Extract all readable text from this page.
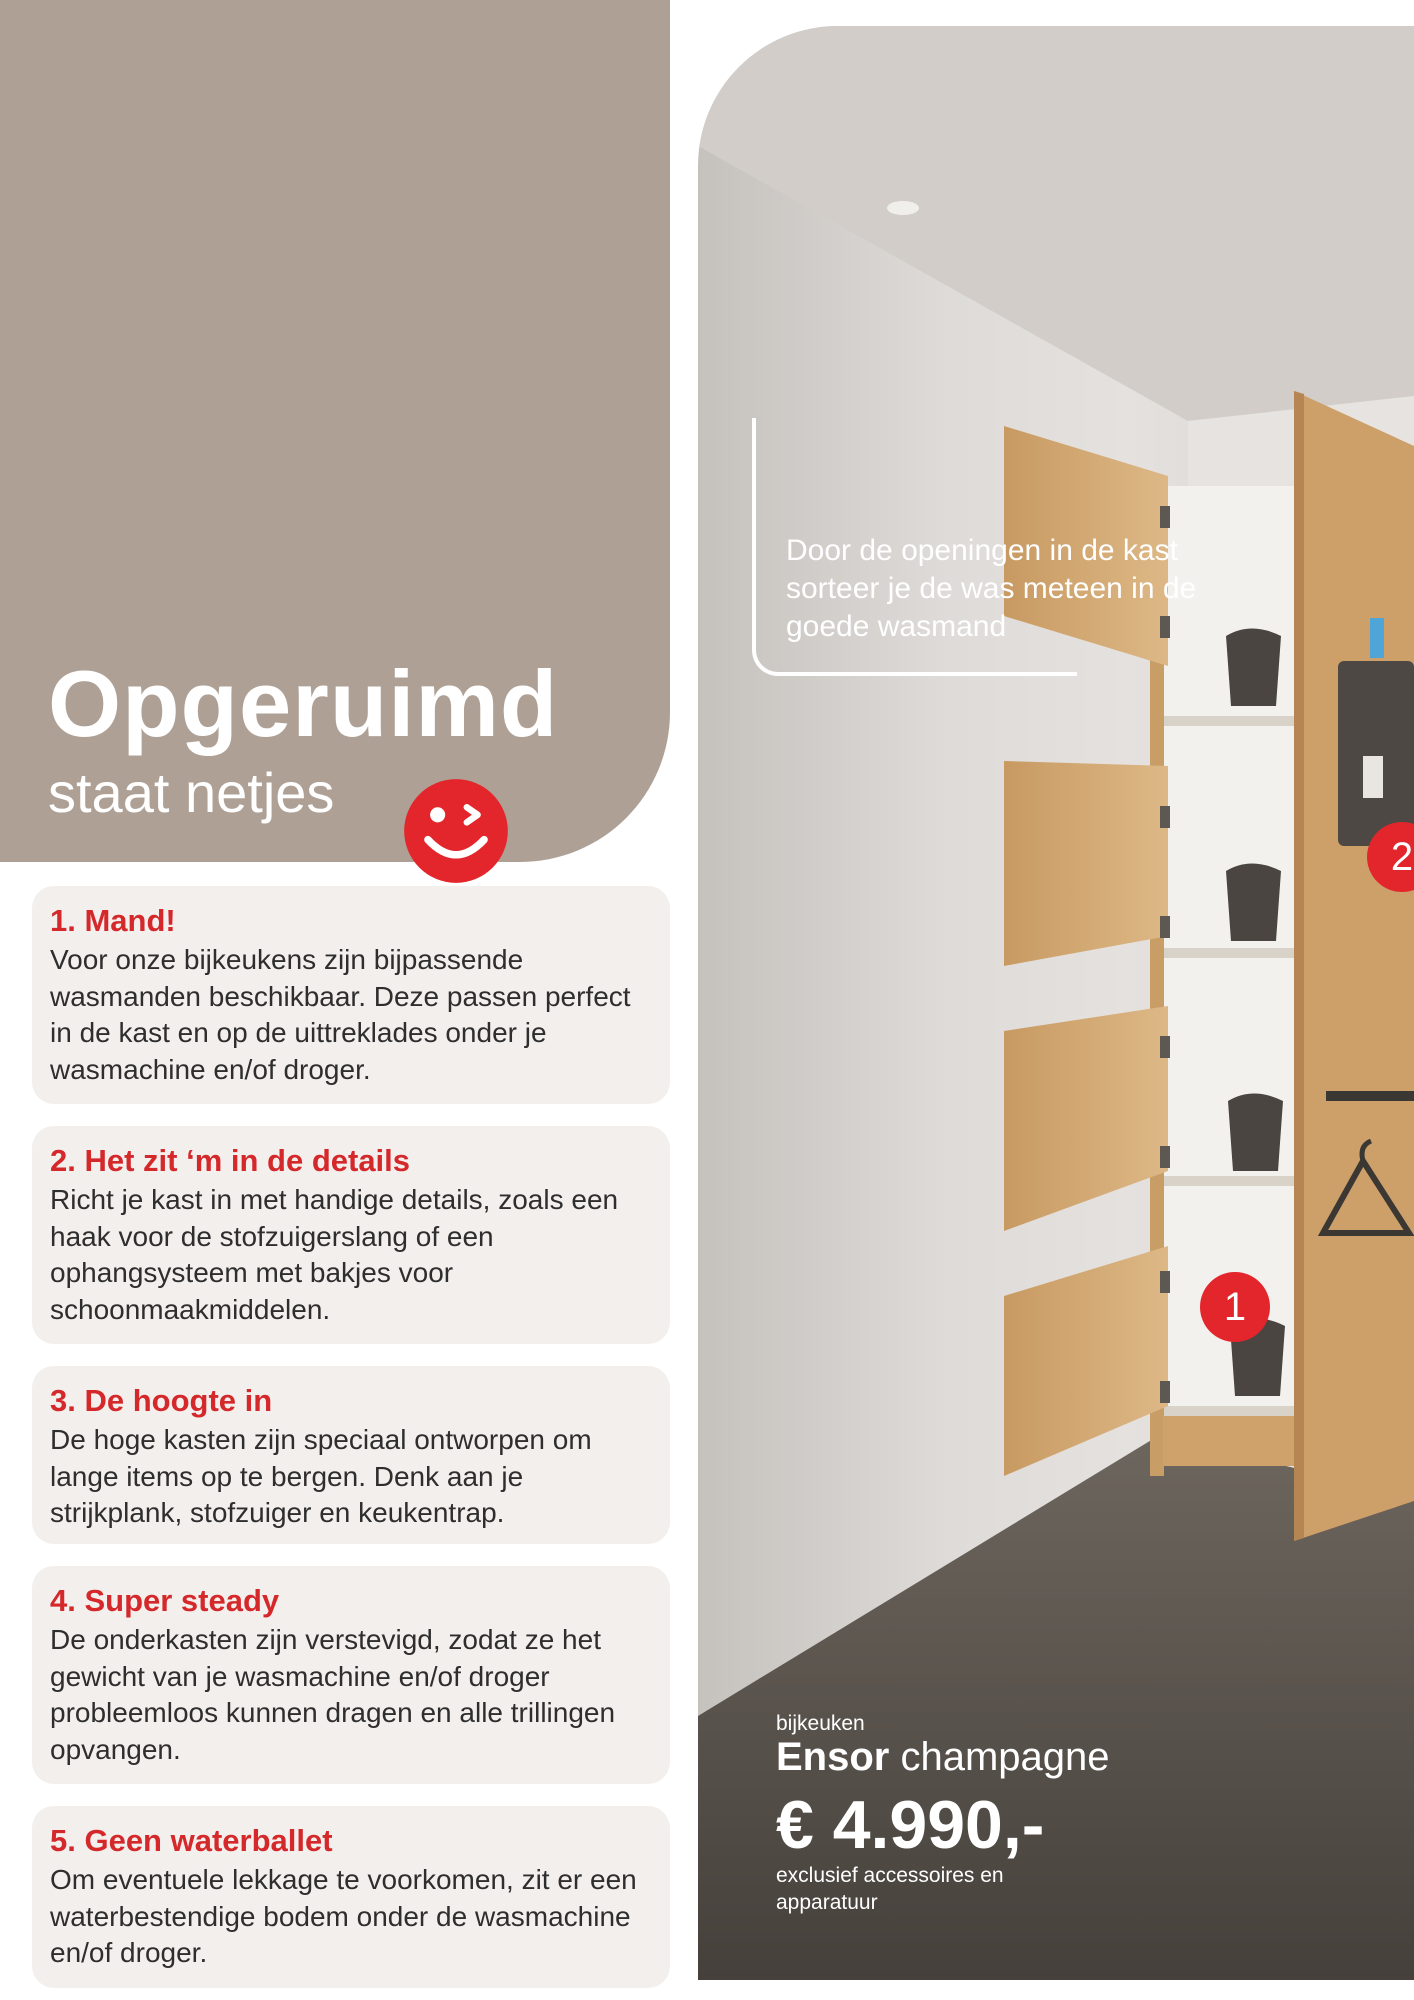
Opgeruimd
staat netjes
1. Mand!
Voor onze bijkeukens zijn bijpassende wasmanden beschikbaar. Deze passen perfect in de kast en op de uittreklades onder je wasmachine en/of droger.
2. Het zit ‘m in de details
Richt je kast in met handige details, zoals een haak voor de stofzuigerslang of een ophangsysteem met bakjes voor schoonmaakmiddelen.
3. De hoogte in
De hoge kasten zijn speciaal ontworpen om lange items op te bergen. Denk aan je strijkplank, stofzuiger en keukentrap.
4. Super steady
De onderkasten zijn verstevigd, zodat ze het gewicht van je wasmachine en/of droger probleemloos kunnen dragen en alle trillingen opvangen.
5. Geen waterballet
Om eventuele lekkage te voorkomen, zit er een waterbestendige bodem onder de wasmachine en/of droger.
Door de openingen in de kast sorteer je de was meteen in de goede wasmand
1
2
bijkeuken
Ensor champagne
€ 4.990,-
exclusief accessoires en apparatuur
